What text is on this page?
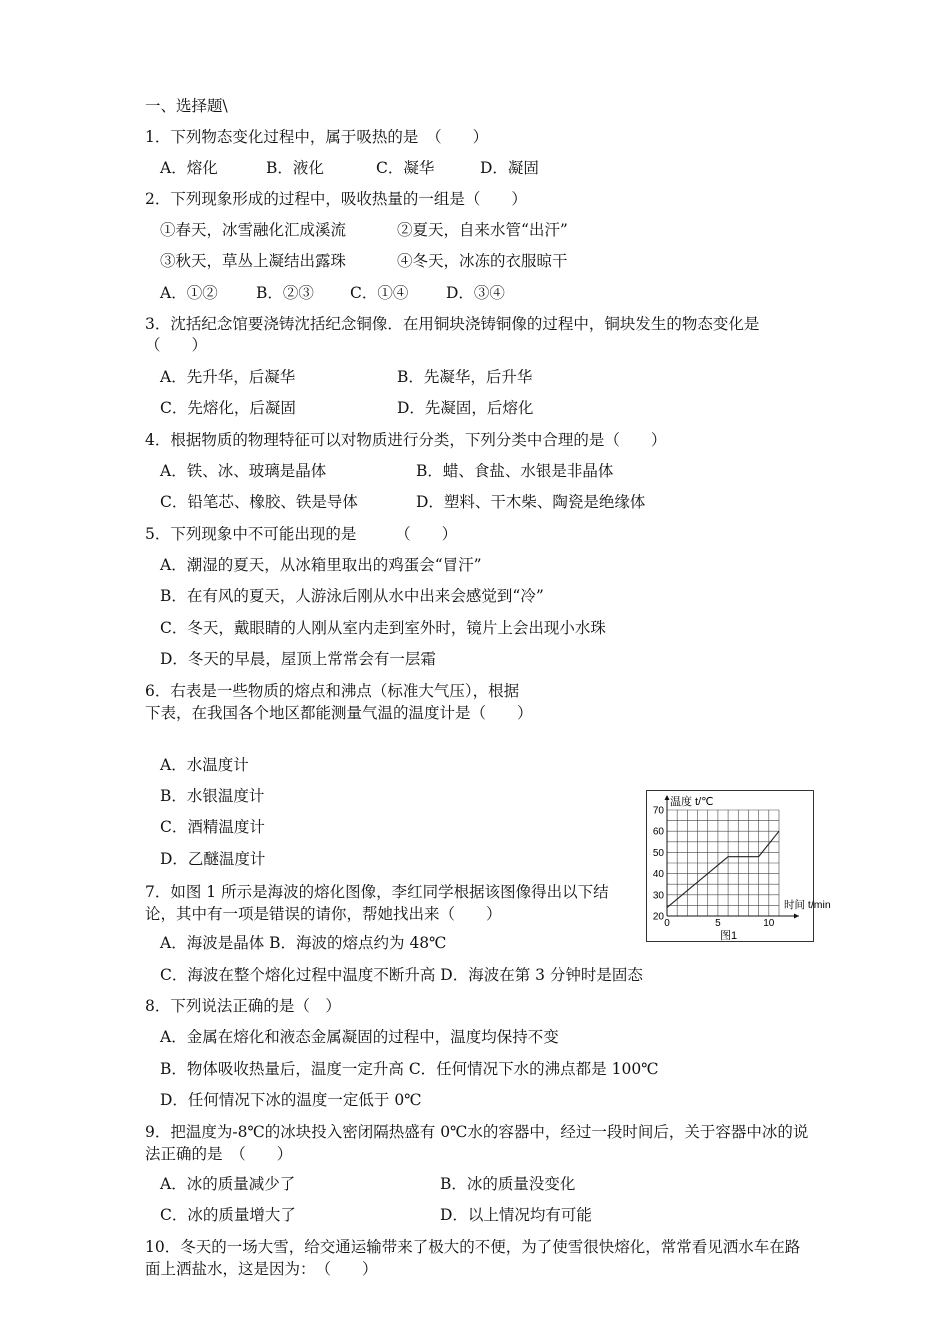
一、选择题\
1．下列物态变化过程中，属于吸热的是　（　　）
A．熔化	B．液化	C．凝华	D．凝固
2．下列现象形成的过程中，吸收热量的一组是（　　）
①春天，冰雪融化汇成溪流	②夏天，自来水管“出汗”
③秋天，草丛上凝结出露珠	④冬天，冰冻的衣服晾干
A．①② B．②③ C．①④ D．③④
3．沈括纪念馆要浇铸沈括纪念铜像．在用铜块浇铸铜像的过程中，铜块发生的物态变化是（　　）
A．先升华，后凝华	B．先凝华，后升华
C．先熔化，后凝固	D．先凝固，后熔化
4．根据物质的物理特征可以对物质进行分类，下列分类中合理的是（　　）
A．铁、冰、玻璃是晶体	B．蜡、食盐、水银是非晶体
C．铅笔芯、橡胶、铁是导体	D．塑料、干木柴、陶瓷是绝缘体
5．下列现象中不可能出现的是　　　（　　）
A．潮湿的夏天，从冰箱里取出的鸡蛋会“冒汗”
B．在有风的夏天，人游泳后刚从水中出来会感觉到“冷”
C．冬天，戴眼睛的人刚从室内走到室外时，镜片上会出现小水珠
D．冬天的早晨，屋顶上常常会有一层霜
6．右表是一些物质的熔点和沸点（标准大气压），根据下表，在我国各个地区都能测量气温的温度计是（　　）
A．水温度计
B．水银温度计
C．酒精温度计
D．乙醚温度计
0	5	10
20
30
40
50
60
70
温度 t/℃
时间 t/min
图1
7．如图 1 所示是海波的熔化图像，李红同学根据该图像得出以下结论，其中有一项是错误的请你，帮她找出来（　　）
A．海波是晶体 B．海波的熔点约为 48℃
C．海波在整个熔化过程中温度不断升高 D．海波在第 3 分钟时是固态
8．下列说法正确的是（　）
A．金属在熔化和液态金属凝固的过程中，温度均保持不变
B．物体吸收热量后，温度一定升高 C．任何情况下水的沸点都是 100℃
D．任何情况下冰的温度一定低于 0℃
9．把温度为-8℃的冰块投入密闭隔热盛有 0℃水的容器中，经过一段时间后，关于容器中冰的说法正确的是　（　　）
A．冰的质量减少了	B．冰的质量没变化
C．冰的质量增大了	D．以上情况均有可能
10．冬天的一场大雪，给交通运输带来了极大的不便，为了使雪很快熔化，常常看见洒水车在路面上洒盐水，这是因为：　（　　）
